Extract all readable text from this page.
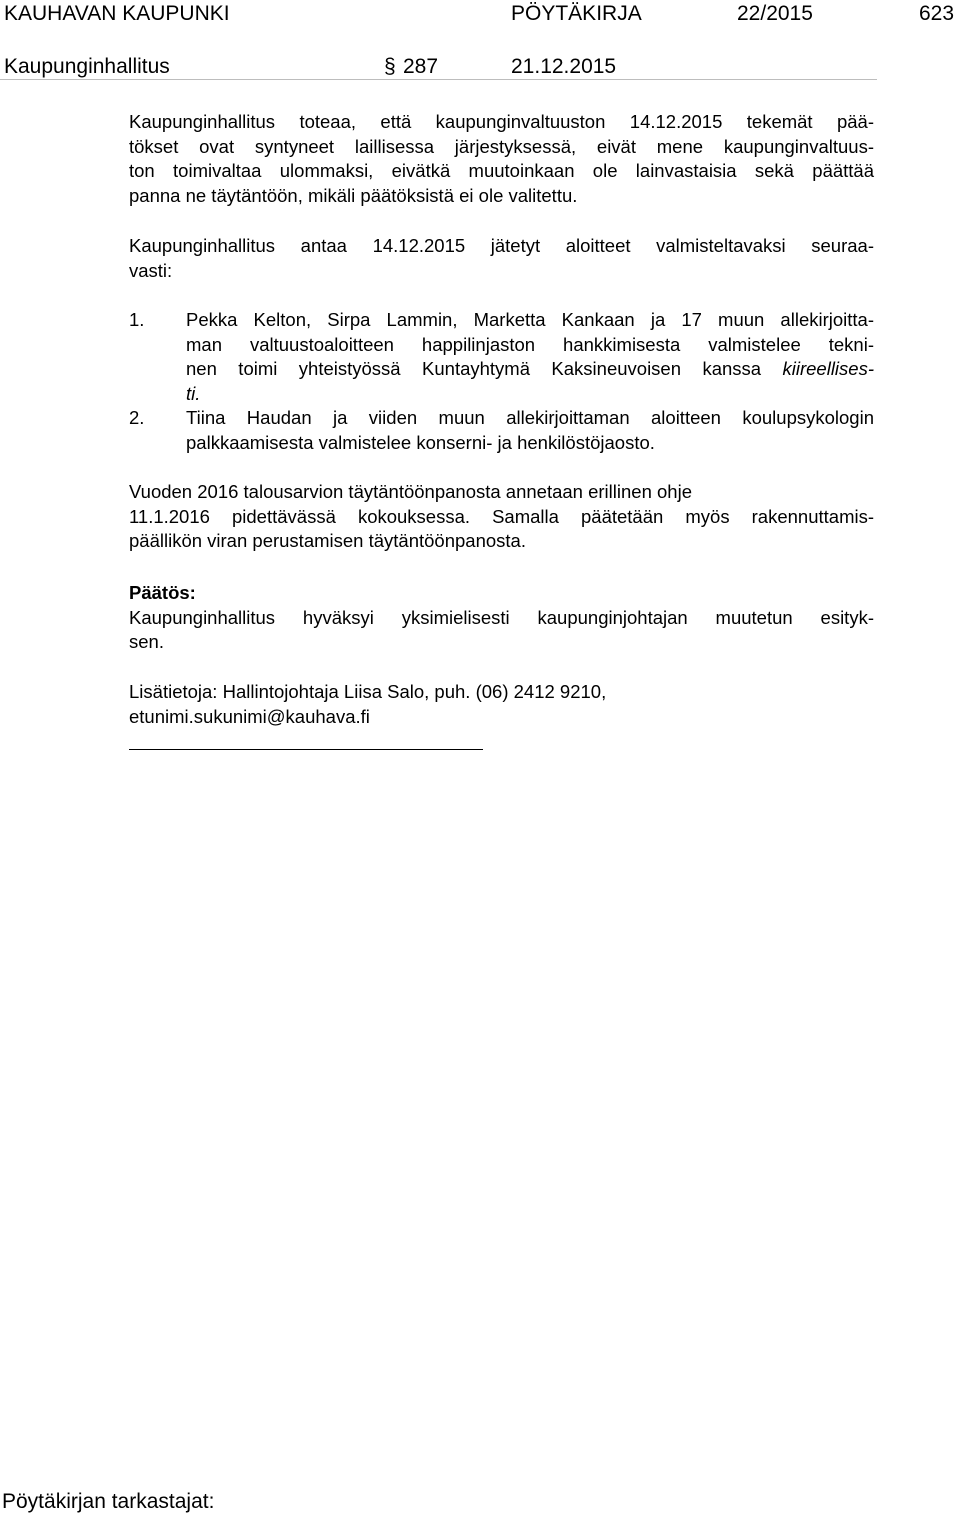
KAUHAVAN KAUPUNKI	PÖYTÄKIRJA	22/2015	623
Kaupunginhallitus	§ 287	21.12.2015

Kaupunginhallitus toteaa, että kaupunginvaltuuston 14.12.2015 tekemät pää-

tökset ovat syntyneet laillisessa järjestyksessä, eivät mene kaupunginvaltuus-

ton toimivaltaa ulommaksi, eivätkä muutoinkaan ole lainvastaisia sekä päättää

panna ne täytäntöön, mikäli päätöksistä ei ole valitettu.

Kaupunginhallitus antaa 14.12.2015 jätetyt aloitteet valmisteltavaksi seuraa-

vasti:

1. Pekka Kelton, Sirpa Lammin, Marketta Kankaan ja 17 muun allekirjoitta-

man valtuustoaloitteen happilinjaston hankkimisesta valmistelee tekni-

nen toimi yhteistyössä Kuntayhtymä Kaksineuvoisen kanssa kiireellises-

ti.

2. Tiina Haudan ja viiden muun allekirjoittaman aloitteen koulupsykologin

palkkaamisesta valmistelee konserni- ja henkilöstöjaosto.

Vuoden 2016 talousarvion täytäntöönpanosta annetaan erillinen ohje

11.1.2016 pidettävässä kokouksessa. Samalla päätetään myös rakennuttamis-

päällikön viran perustamisen täytäntöönpanosta.

Päätös:

Kaupunginhallitus hyväksyi yksimielisesti kaupunginjohtajan muutetun esityk-

sen.

Lisätietoja: Hallintojohtaja Liisa Salo, puh. (06) 2412 9210,

etunimi.sukunimi@kauhava.fi

Pöytäkirjan tarkastajat:
